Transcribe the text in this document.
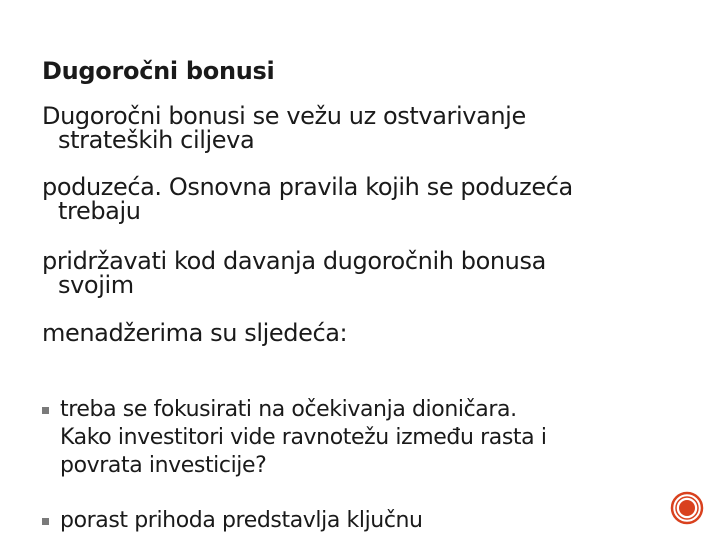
Dugoročni bonusi
Dugoročni bonusi se vežu uz ostvarivanje
strateških ciljeva
poduzeća. Osnovna pravila kojih se poduzeća
trebaju
pridržavati kod davanja dugoročnih bonusa
svojim
menadžerima su sljedeća:
treba se fokusirati na očekivanja dioničara.
Kako investitori vide ravnotežu između rasta i
povrata investicije?
porast prihoda predstavlja ključnu
